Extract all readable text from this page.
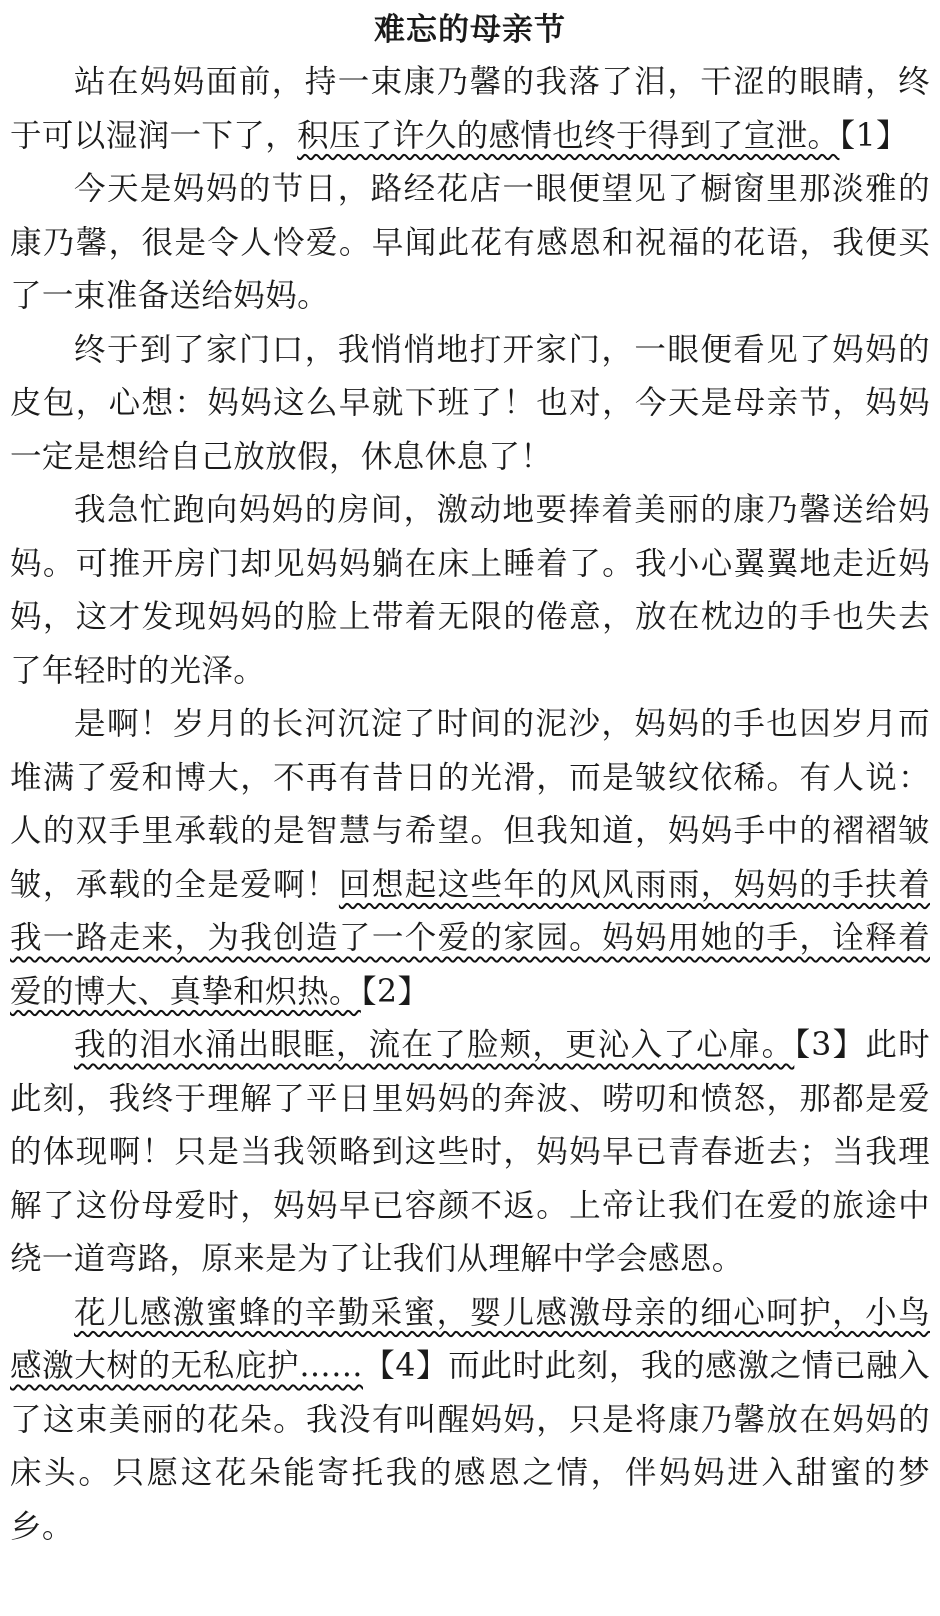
难忘的母亲节

站在妈妈面前，持一束康乃馨的我落了泪，干涩的眼睛，终于可以湿润一下了，积压了许久的感情也终于得到了宣泄。【1】

今天是妈妈的节日，路经花店一眼便望见了橱窗里那淡雅的康乃馨，很是令人怜爱。早闻此花有感恩和祝福的花语，我便买了一束准备送给妈妈。

终于到了家门口，我悄悄地打开家门，一眼便看见了妈妈的皮包，心想：妈妈这么早就下班了！也对，今天是母亲节，妈妈一定是想给自己放放假，休息休息了！

我急忙跑向妈妈的房间，激动地要捧着美丽的康乃馨送给妈妈。可推开房门却见妈妈躺在床上睡着了。我小心翼翼地走近妈妈，这才发现妈妈的脸上带着无限的倦意，放在枕边的手也失去了年轻时的光泽。

是啊！岁月的长河沉淀了时间的泥沙，妈妈的手也因岁月而堆满了爱和博大，不再有昔日的光滑，而是皱纹依稀。有人说：人的双手里承载的是智慧与希望。但我知道，妈妈手中的褶褶皱皱，承载的全是爱啊！回想起这些年的风风雨雨，妈妈的手扶着我一路走来，为我创造了一个爱的家园。妈妈用她的手，诠释着爱的博大、真挚和炽热。【2】

我的泪水涌出眼眶，流在了脸颊，更沁入了心扉。【3】此时此刻，我终于理解了平日里妈妈的奔波、唠叨和愤怒，那都是爱的体现啊！只是当我领略到这些时，妈妈早已青春逝去；当我理解了这份母爱时，妈妈早已容颜不返。上帝让我们在爱的旅途中绕一道弯路，原来是为了让我们从理解中学会感恩。

花儿感激蜜蜂的辛勤采蜜，婴儿感激母亲的细心呵护，小鸟感激大树的无私庇护……【4】而此时此刻，我的感激之情已融入了这束美丽的花朵。我没有叫醒妈妈，只是将康乃馨放在妈妈的床头。只愿这花朵能寄托我的感恩之情，伴妈妈进入甜蜜的梦乡。
